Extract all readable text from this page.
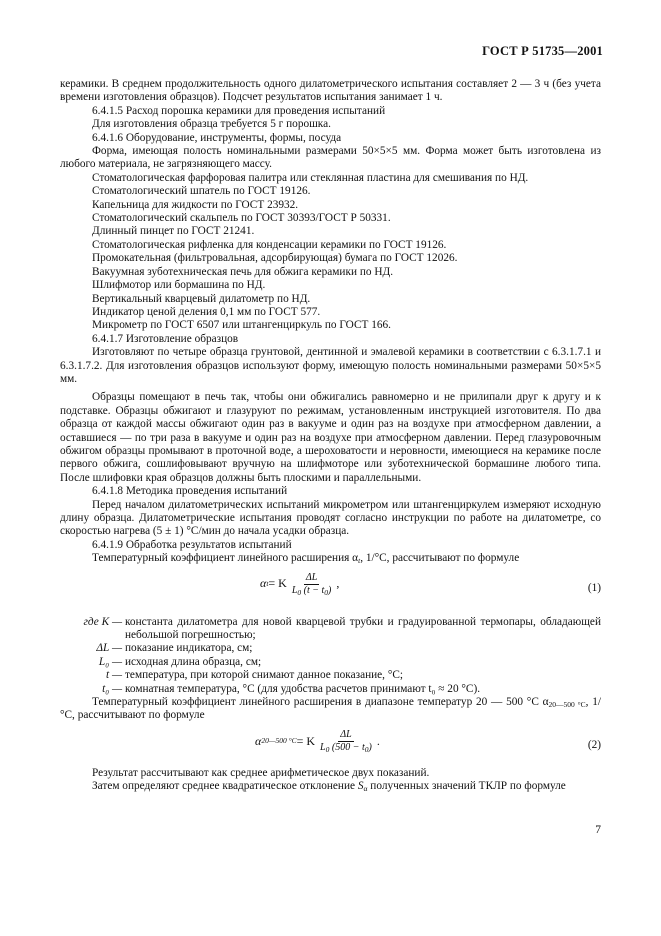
ГОСТ Р 51735—2001

керамики. В среднем продолжительность одного дилатометрического испытания составляет 2 — 3 ч (без учета времени изготовления образцов). Подсчет результатов испытания занимает 1 ч.

6.4.1.5 Расход порошка керамики для проведения испытаний

Для изготовления образца требуется 5 г порошка.

6.4.1.6 Оборудование, инструменты, формы, посуда

Форма, имеющая полость номинальными размерами 50×5×5 мм. Форма может быть изготовлена из любого материала, не загрязняющего массу.

Стоматологическая фарфоровая палитра или стеклянная пластина для смешивания по НД.

Стоматологический шпатель по ГОСТ 19126.

Капельница для жидкости по ГОСТ 23932.

Стоматологический скальпель по ГОСТ 30393/ГОСТ Р 50331.

Длинный пинцет по ГОСТ 21241.

Стоматологическая рифленка для конденсации керамики по ГОСТ 19126.

Промокательная (фильтровальная, адсорбирующая) бумага по ГОСТ 12026.

Вакуумная зуботехническая печь для обжига керамики по НД.

Шлифмотор или бормашина по НД.

Вертикальный кварцевый дилатометр по НД.

Индикатор ценой деления 0,1 мм по ГОСТ 577.

Микрометр по ГОСТ 6507 или штангенциркуль по ГОСТ 166.

6.4.1.7 Изготовление образцов

Изготовляют по четыре образца грунтовой, дентинной и эмалевой керамики в соответствии с 6.3.1.7.1 и 6.3.1.7.2. Для изготовления образцов используют форму, имеющую полость номинальными размерами 50×5×5 мм.

Образцы помещают в печь так, чтобы они обжигались равномерно и не прилипали друг к другу и к подставке. Образцы обжигают и глазуруют по режимам, установленным инструкцией изготовителя. По два образца от каждой массы обжигают один раз в вакууме и один раз на воздухе при атмосферном давлении, а оставшиеся — по три раза в вакууме и один раз на воздухе при атмосферном давлении. Перед глазуровочным обжигом образцы промывают в проточной воде, а шероховатости и неровности, имеющиеся на керамике после первого обжига, сошлифовывают вручную на шлифмоторе или зуботехнической бормашине любого типа. После шлифовки края образцов должны быть плоскими и параллельными.

6.4.1.8 Методика проведения испытаний

Перед началом дилатометрических испытаний микрометром или штангенциркулем измеряют исходную длину образца. Дилатометрические испытания проводят согласно инструкции по работе на дилатометре, со скоростью нагрева (5 ± 1) °C/мин до начала усадки образца.

6.4.1.9 Обработка результатов испытаний

Температурный коэффициент линейного расширения $\alpha_t$, 1/°C, рассчитывают по формуле

α t = K $\frac{\Delta L}{L_0 (t - t_0)}$ ,	(1)
где K — константа дилатометра для новой кварцевой трубки и градуированной термопары, обладающей небольшой погрешностью;
ΔL — показание индикатора, см;
L₀ — исходная длина образца, см;
t — температура, при которой снимают данное показание, °C;
t₀ — комнатная температура, °C (для удобства расчетов принимают t₀ ≈ 20 °C).

Температурный коэффициент линейного расширения в диапазоне температур 20 — 500 °C $\alpha_{20—500 ^\circ C}$, 1/°C, рассчитывают по формуле

α 20—500 °C = K $\frac{\Delta L}{L_0 (500 - t_0)}$ .	(2)

Результат рассчитывают как среднее арифметическое двух показаний.

Затем определяют среднее квадратическое отклонение $S_\alpha$ полученных значений ТКЛР по формуле

7
